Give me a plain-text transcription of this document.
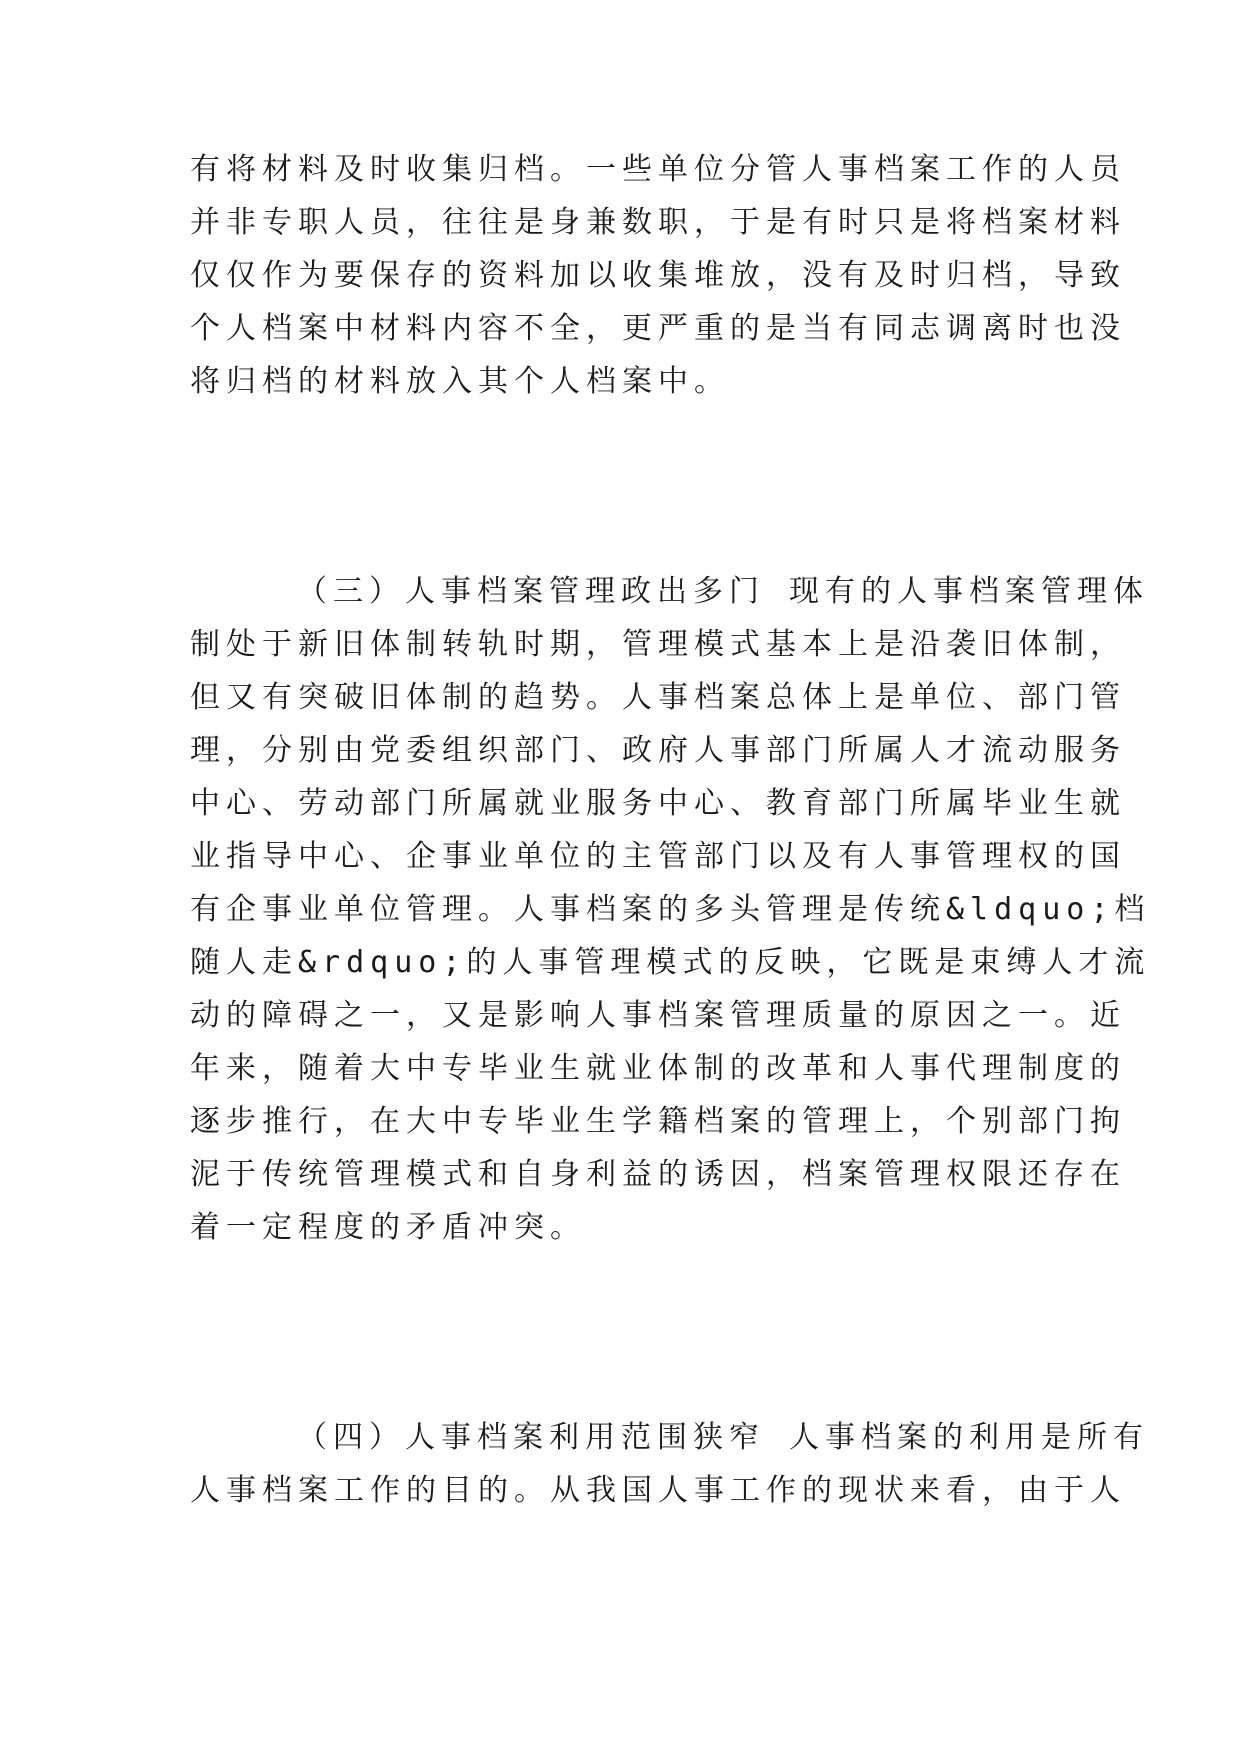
有将材料及时收集归档。一些单位分管人事档案工作的人员
并非专职人员，往往是身兼数职，于是有时只是将档案材料
仅仅作为要保存的资料加以收集堆放，没有及时归档，导致
个人档案中材料内容不全，更严重的是当有同志调离时也没
将归档的材料放入其个人档案中。
（三）人事档案管理政出多门 现有的人事档案管理体
制处于新旧体制转轨时期，管理模式基本上是沿袭旧体制，
但又有突破旧体制的趋势。人事档案总体上是单位、部门管
理，分别由党委组织部门、政府人事部门所属人才流动服务
中心、劳动部门所属就业服务中心、教育部门所属毕业生就
业指导中心、企事业单位的主管部门以及有人事管理权的国
有企事业单位管理。人事档案的多头管理是传统&ldquo;档
随人走&rdquo;的人事管理模式的反映，它既是束缚人才流
动的障碍之一，又是影响人事档案管理质量的原因之一。近
年来，随着大中专毕业生就业体制的改革和人事代理制度的
逐步推行，在大中专毕业生学籍档案的管理上，个别部门拘
泥于传统管理模式和自身利益的诱因，档案管理权限还存在
着一定程度的矛盾冲突。
（四）人事档案利用范围狭窄 人事档案的利用是所有
人事档案工作的目的。从我国人事工作的现状来看，由于人
